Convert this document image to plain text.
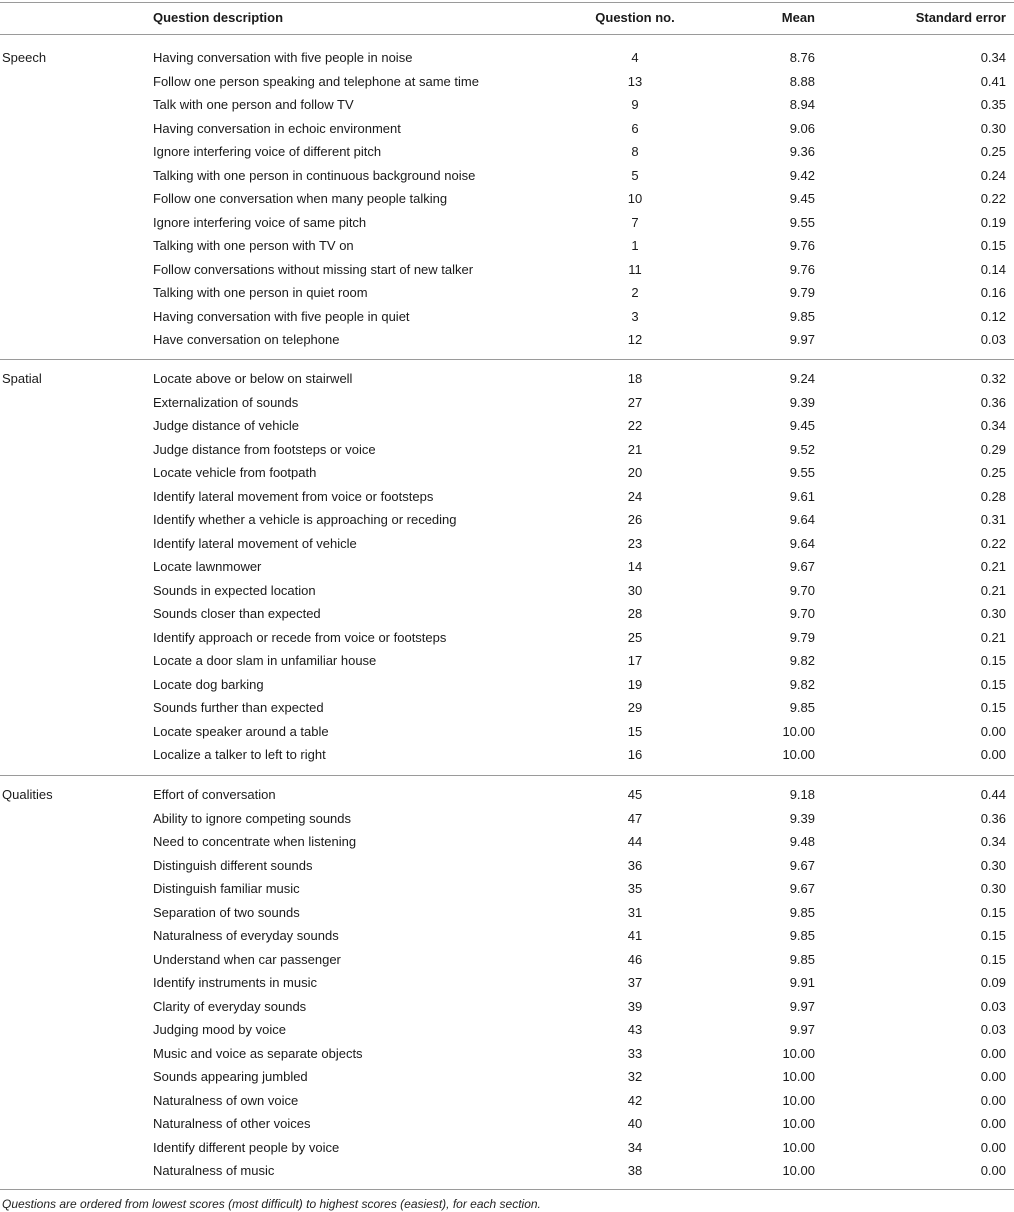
Question description	Question no.	Mean	Standard error
Speech	Having conversation with five people in noise	4	8.76	0.34
Follow one person speaking and telephone at same time	13	8.88	0.41
Talk with one person and follow TV	9	8.94	0.35
Having conversation in echoic environment	6	9.06	0.30
Ignore interfering voice of different pitch	8	9.36	0.25
Talking with one person in continuous background noise	5	9.42	0.24
Follow one conversation when many people talking	10	9.45	0.22
Ignore interfering voice of same pitch	7	9.55	0.19
Talking with one person with TV on	1	9.76	0.15
Follow conversations without missing start of new talker	11	9.76	0.14
Talking with one person in quiet room	2	9.79	0.16
Having conversation with five people in quiet	3	9.85	0.12
Have conversation on telephone	12	9.97	0.03
Spatial	Locate above or below on stairwell	18	9.24	0.32
Externalization of sounds	27	9.39	0.36
Judge distance of vehicle	22	9.45	0.34
Judge distance from footsteps or voice	21	9.52	0.29
Locate vehicle from footpath	20	9.55	0.25
Identify lateral movement from voice or footsteps	24	9.61	0.28
Identify whether a vehicle is approaching or receding	26	9.64	0.31
Identify lateral movement of vehicle	23	9.64	0.22
Locate lawnmower	14	9.67	0.21
Sounds in expected location	30	9.70	0.21
Sounds closer than expected	28	9.70	0.30
Identify approach or recede from voice or footsteps	25	9.79	0.21
Locate a door slam in unfamiliar house	17	9.82	0.15
Locate dog barking	19	9.82	0.15
Sounds further than expected	29	9.85	0.15
Locate speaker around a table	15	10.00	0.00
Localize a talker to left to right	16	10.00	0.00
Qualities	Effort of conversation	45	9.18	0.44
Ability to ignore competing sounds	47	9.39	0.36
Need to concentrate when listening	44	9.48	0.34
Distinguish different sounds	36	9.67	0.30
Distinguish familiar music	35	9.67	0.30
Separation of two sounds	31	9.85	0.15
Naturalness of everyday sounds	41	9.85	0.15
Understand when car passenger	46	9.85	0.15
Identify instruments in music	37	9.91	0.09
Clarity of everyday sounds	39	9.97	0.03
Judging mood by voice	43	9.97	0.03
Music and voice as separate objects	33	10.00	0.00
Sounds appearing jumbled	32	10.00	0.00
Naturalness of own voice	42	10.00	0.00
Naturalness of other voices	40	10.00	0.00
Identify different people by voice	34	10.00	0.00
Naturalness of music	38	10.00	0.00
Questions are ordered from lowest scores (most difficult) to highest scores (easiest), for each section.
